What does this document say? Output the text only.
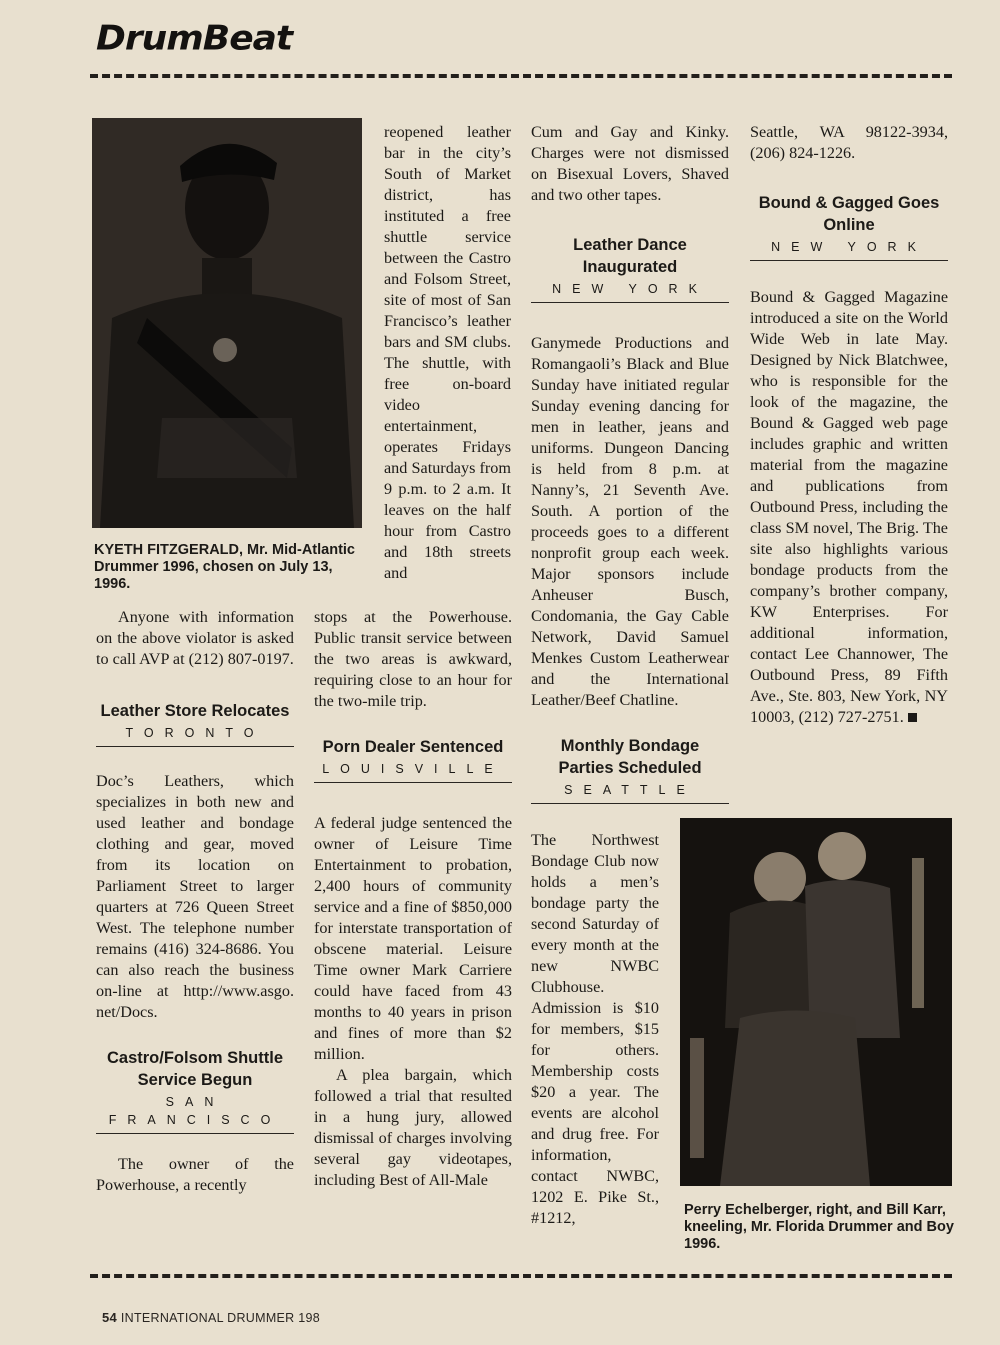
DrumBeat

KYETH FITZGERALD, Mr. Mid-Atlantic Drummer 1996, chosen on July 13, 1996.

Anyone with information on the above violator is asked to call AVP at (212) 807-0197.

Leather Store Relocates

TORONTO

Doc’s Leathers, which specializes in both new and used leather and bondage clothing and gear, moved from its location on Parliament Street to larger quarters at 726 Queen Street West. The telephone number remains (416) 324-8686. You can also reach the business on-line at http://www.asgo. net/Docs.

Castro/Folsom Shuttle Service Begun

SAN

FRANCISCO

The owner of the Powerhouse, a recently

reopened leather bar in the city’s South of Market district, has instituted a free shuttle service between the Castro and Folsom Street, site of most of San Francisco’s leather bars and SM clubs. The shuttle, with free on-board video entertainment, operates Fridays and Saturdays from 9 p.m. to 2 a.m. It leaves on the half hour from Castro and 18th streets and

stops at the Powerhouse. Public transit service between the two areas is awkward, requiring close to an hour for the two-mile trip.

Porn Dealer Sentenced

LOUISVILLE

A federal judge sentenced the owner of Leisure Time Entertainment to probation, 2,400 hours of community service and a fine of $850,000 for interstate transportation of obscene material. Leisure Time owner Mark Carriere could have faced from 43 months to 40 years in prison and fines of more than $2 million.

A plea bargain, which followed a trial that resulted in a hung jury, allowed dismissal of charges involving several gay videotapes, including Best of All-Male

Cum and Gay and Kinky. Charges were not dismissed on Bisexual Lovers, Shaved and two other tapes.

Leather Dance Inaugurated

NEW YORK

Ganymede Productions and Romangaoli’s Black and Blue Sunday have initiated regular Sunday evening dancing for men in leather, jeans and uniforms. Dungeon Dancing is held from 8 p.m. at Nanny’s, 21 Seventh Ave. South. A portion of the proceeds goes to a different nonprofit group each week. Major sponsors include Anheuser Busch, Condomania, the Gay Cable Network, David Samuel Menkes Custom Leatherwear and the International Leather/Beef Chatline.

Monthly Bondage Parties Scheduled

SEATTLE

The Northwest Bondage Club now holds a men’s bondage party the second Saturday of every month at the new NWBC Clubhouse. Admission is $10 for members, $15 for others. Membership costs $20 a year. The events are alcohol and drug free. For information, contact NWBC, 1202 E. Pike St., #1212,

Seattle, WA 98122-3934, (206) 824-1226.

Bound & Gagged Goes Online

NEW YORK

Bound & Gagged Magazine introduced a site on the World Wide Web in late May. Designed by Nick Blatchwee, who is responsible for the look of the magazine, the Bound & Gagged web page includes graphic and written material from the magazine and publications from Outbound Press, including the class SM novel, The Brig. The site also highlights various bondage products from the company’s brother company, KW Enterprises. For additional information, contact Lee Channower, The Outbound Press, 89 Fifth Ave., Ste. 803, New York, NY 10003, (212) 727-2751.

Perry Echelberger, right, and Bill Karr, kneeling, Mr. Florida Drummer and Boy 1996.

54 INTERNATIONAL DRUMMER 198
